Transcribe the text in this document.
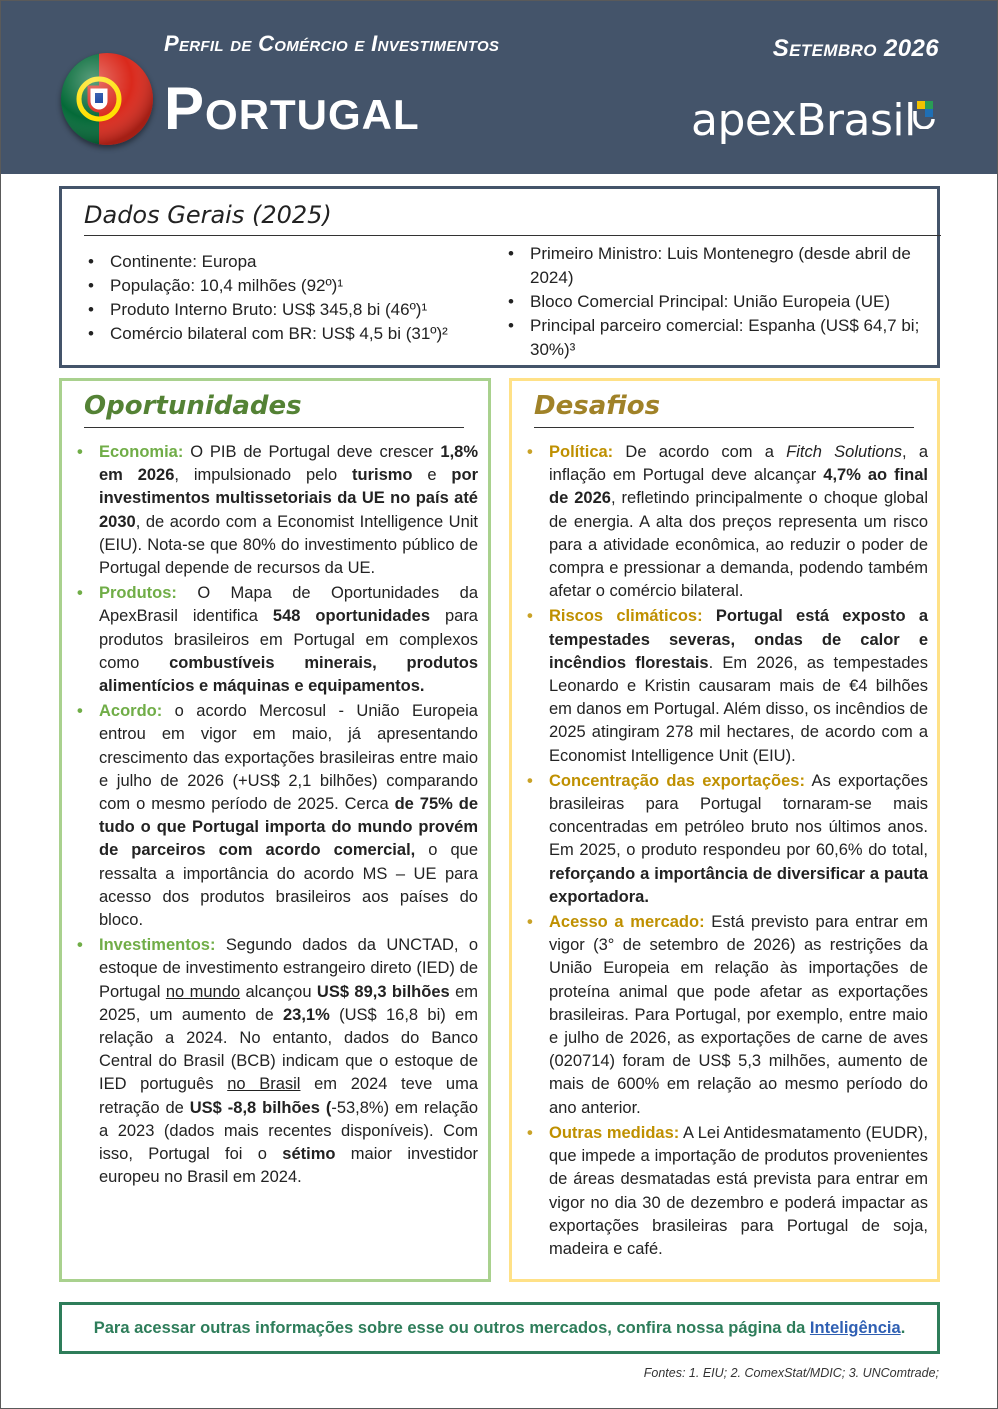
Perfil de Comércio e Investimentos	Setembro 2026
Portugal	apexBrasil
Dados Gerais (2025)
• Continente: Europa
• População: 10,4 milhões (92º)¹
• Produto Interno Bruto: US$ 345,8 bi (46º)¹
• Comércio bilateral com BR: US$ 4,5 bi (31º)²
• Primeiro Ministro: Luis Montenegro (desde abril de 2024)
• Bloco Comercial Principal: União Europeia (UE)
• Principal parceiro comercial: Espanha (US$ 64,7 bi; 30%)³
Oportunidades
• Economia: O PIB de Portugal deve crescer 1,8% em 2026, impulsionado pelo turismo e por investimentos multissetoriais da UE no país até 2030, de acordo com a Economist Intelligence Unit (EIU). Nota-se que 80% do investimento público de Portugal depende de recursos da UE.
• Produtos: O Mapa de Oportunidades da ApexBrasil identifica 548 oportunidades para produtos brasileiros em Portugal em complexos como combustíveis minerais, produtos alimentícios e máquinas e equipamentos.
• Acordo: o acordo Mercosul - União Europeia entrou em vigor em maio, já apresentando crescimento das exportações brasileiras entre maio e julho de 2026 (+US$ 2,1 bilhões) comparando com o mesmo período de 2025. Cerca de 75% de tudo o que Portugal importa do mundo provém de parceiros com acordo comercial, o que ressalta a importância do acordo MS – UE para acesso dos produtos brasileiros aos países do bloco.
• Investimentos: Segundo dados da UNCTAD, o estoque de investimento estrangeiro direto (IED) de Portugal no mundo alcançou US$ 89,3 bilhões em 2025, um aumento de 23,1% (US$ 16,8 bi) em relação a 2024. No entanto, dados do Banco Central do Brasil (BCB) indicam que o estoque de IED português no Brasil em 2024 teve uma retração de US$ -8,8 bilhões (-53,8%) em relação a 2023 (dados mais recentes disponíveis). Com isso, Portugal foi o sétimo maior investidor europeu no Brasil em 2024.
Desafios
• Política: De acordo com a Fitch Solutions, a inflação em Portugal deve alcançar 4,7% ao final de 2026, refletindo principalmente o choque global de energia. A alta dos preços representa um risco para a atividade econômica, ao reduzir o poder de compra e pressionar a demanda, podendo também afetar o comércio bilateral.
• Riscos climáticos: Portugal está exposto a tempestades severas, ondas de calor e incêndios florestais. Em 2026, as tempestades Leonardo e Kristin causaram mais de €4 bilhões em danos em Portugal. Além disso, os incêndios de 2025 atingiram 278 mil hectares, de acordo com a Economist Intelligence Unit (EIU).
• Concentração das exportações: As exportações brasileiras para Portugal tornaram-se mais concentradas em petróleo bruto nos últimos anos. Em 2025, o produto respondeu por 60,6% do total, reforçando a importância de diversificar a pauta exportadora.
• Acesso a mercado: Está previsto para entrar em vigor (3° de setembro de 2026) as restrições da União Europeia em relação às importações de proteína animal que pode afetar as exportações brasileiras. Para Portugal, por exemplo, entre maio e julho de 2026, as exportações de carne de aves (020714) foram de US$ 5,3 milhões, aumento de mais de 600% em relação ao mesmo período do ano anterior.
• Outras medidas: A Lei Antidesmatamento (EUDR), que impede a importação de produtos provenientes de áreas desmatadas está prevista para entrar em vigor no dia 30 de dezembro e poderá impactar as exportações brasileiras para Portugal de soja, madeira e café.
Para acessar outras informações sobre esse ou outros mercados, confira nossa página da Inteligência.
Fontes: 1. EIU; 2. ComexStat/MDIC; 3. UNComtrade;
